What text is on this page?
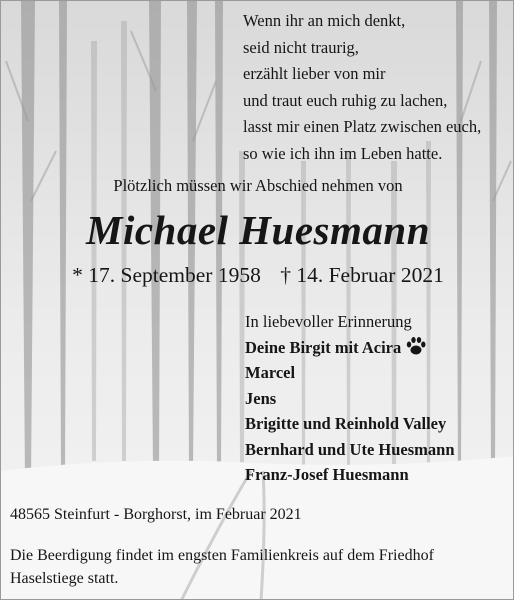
Wenn ihr an mich denkt,
seid nicht traurig,
erzählt lieber von mir
und traut euch ruhig zu lachen,
lasst mir einen Platz zwischen euch,
so wie ich ihn im Leben hatte.
Plötzlich müssen wir Abschied nehmen von
Michael Huesmann
* 17. September 1958 † 14. Februar 2021
In liebevoller Erinnerung
Deine Birgit mit Acira
Marcel
Jens
Brigitte und Reinhold Valley
Bernhard und Ute Huesmann
Franz-Josef Huesmann
48565 Steinfurt - Borghorst, im Februar 2021
Die Beerdigung findet im engsten Familienkreis auf dem Friedhof Haselstiege statt.
